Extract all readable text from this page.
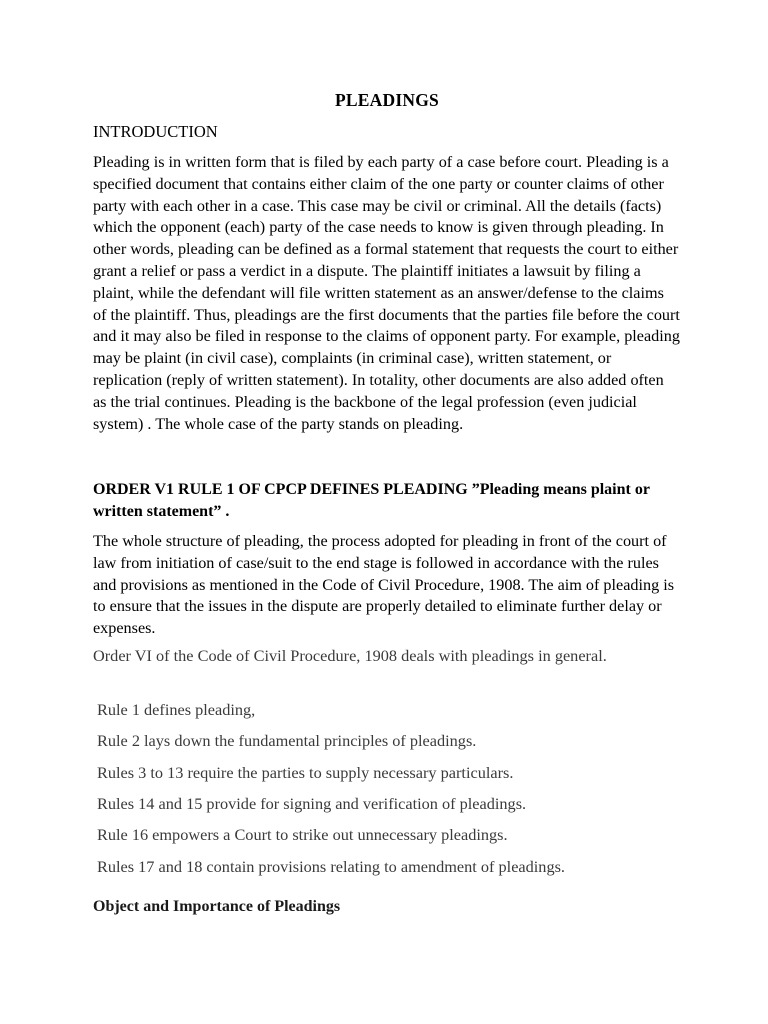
PLEADINGS
INTRODUCTION
Pleading is in written form that is filed by each party of a case before court. Pleading is a specified document that contains either claim of the one party or counter claims of other party with each other in a case. This case may be civil or criminal. All the details (facts) which the opponent (each) party of the case needs to know is given through pleading. In other words, pleading can be defined as a formal statement that requests the court to either grant a relief or pass a verdict in a dispute. The plaintiff initiates a lawsuit by filing a plaint, while the defendant will file written statement as an answer/defense to the claims of the plaintiff. Thus, pleadings are the first documents that the parties file before the court and it may also be filed in response to the claims of opponent party. For example, pleading may be plaint (in civil case), complaints (in criminal case), written statement, or replication (reply of written statement). In totality, other documents are also added often as the trial continues. Pleading is the backbone of the legal profession (even judicial system) . The whole case of the party stands on pleading.
ORDER V1 RULE 1 OF CPCP DEFINES PLEADING ”Pleading means plaint or written statement” .
The whole structure of pleading, the process adopted for pleading in front of the court of law from initiation of case/suit to the end stage is followed in accordance with the rules and provisions as mentioned in the Code of Civil Procedure, 1908. The aim of pleading is to ensure that the issues in the dispute are properly detailed to eliminate further delay or expenses.
Order VI of the Code of Civil Procedure, 1908 deals with pleadings in general.
Rule 1 defines pleading,
Rule 2 lays down the fundamental principles of pleadings.
Rules 3 to 13 require the parties to supply necessary particulars.
Rules 14 and 15 provide for signing and verification of pleadings.
Rule 16 empowers a Court to strike out unnecessary pleadings.
Rules 17 and 18 contain provisions relating to amendment of pleadings.
Object and Importance of Pleadings
